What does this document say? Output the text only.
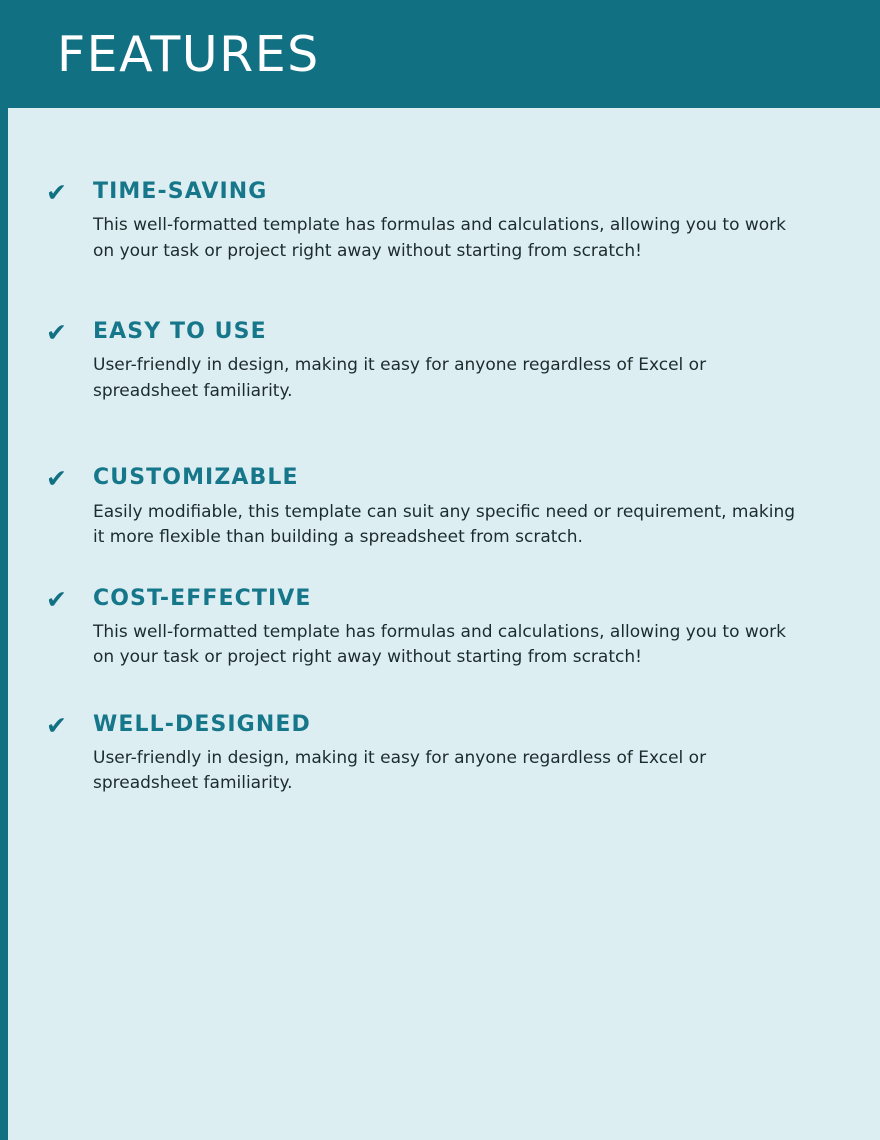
FEATURES
✔ TIME-SAVING

This well-formatted template has formulas and calculations, allowing you to work on your task or project right away without starting from scratch!

✔ EASY TO USE

User-friendly in design, making it easy for anyone regardless of Excel or spreadsheet familiarity.

✔ CUSTOMIZABLE

Easily modifiable, this template can suit any specific need or requirement, making it more flexible than building a spreadsheet from scratch.

✔ COST-EFFECTIVE

This well-formatted template has formulas and calculations, allowing you to work on your task or project right away without starting from scratch!

✔ WELL-DESIGNED

User-friendly in design, making it easy for anyone regardless of Excel or spreadsheet familiarity.
